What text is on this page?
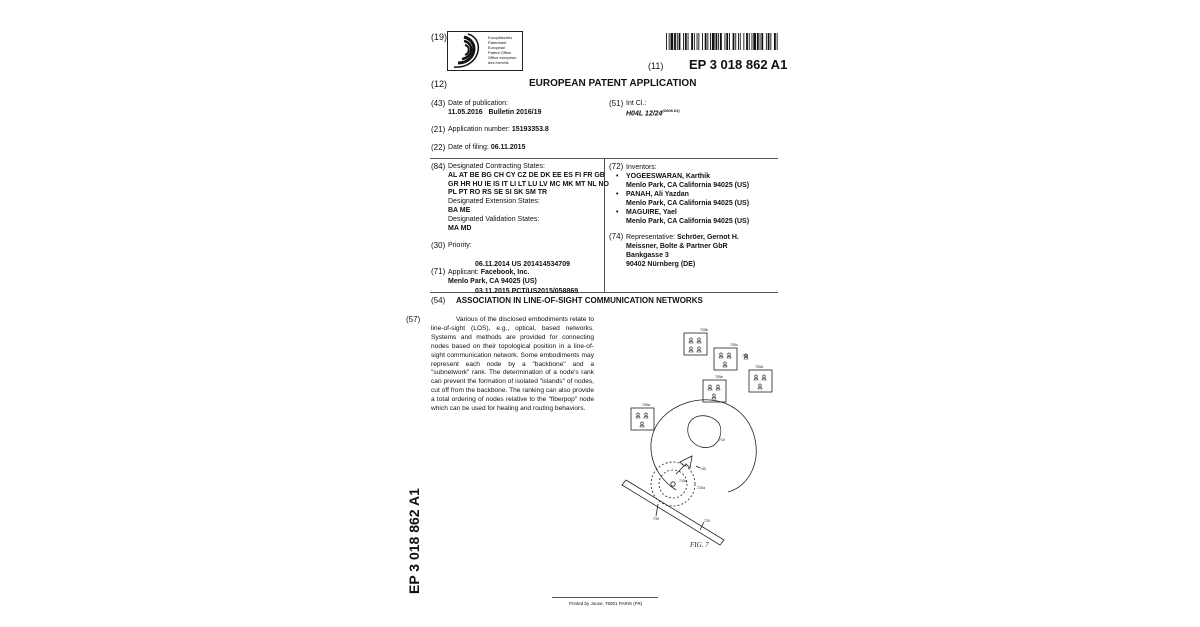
(19)	Europäisches
Patentamt
European
Patent Office
Office européen
des brevets	(11) EP 3 018 862 A1
(12)	EUROPEAN PATENT APPLICATION
(43) Date of publication:
11.05.2016   Bulletin 2016/19
(21) Application number: 15193353.8
(22) Date of filing: 06.11.2015
(84) Designated Contracting States:
AL AT BE BG CH CY CZ DE DK EE ES FI FR GB
GR HR HU IE IS IT LI LT LU LV MC MK MT NL NO
PL PT RO RS SE SI SK SM TR
Designated Extension States:
BA ME
Designated Validation States:
MA MD
(30) Priority:

06.11.2014 US 201414534709

03.11.2015 PCT/US2015/058869

(71) Applicant: Facebook, Inc.
Menlo Park, CA 94025 (US)
(51) Int Cl.:
H04L $12/24^{(2006.01)}$
(72) Inventors:
• YOGEESWARAN, Karthik
Menlo Park, CA California 94025 (US)
• PANAH, Ali Yazdan
Menlo Park, CA California 94025 (US)
• MAGUIRE, Yael
Menlo Park, CA California 94025 (US)
(74) Representative: Schröer, Gernot H.
Meissner, Bolte & Partner GbR
Bankgasse 3
90402 Nürnberg (DE)
(54) ASSOCIATION IN LINE-OF-SIGHT COMMUNICATION NETWORKS
(57)	Various of the disclosed embodiments relate to line-of-sight (LOS), e.g., optical, based networks. Systems and methods are provided for connecting nodes based on their topological position in a line-of-sight communication network. Some embodiments may represent each node by a "backbone" and a "subnetwork" rank. The determination of a node's rank can prevent the formation of isolated "islands" of nodes, cut off from the backbone. The ranking can also provide a total ordering of nodes relative to the "fiberpop" node which can be used for healing and routing behaviors.
705b
705c
705d
705e
705a
710
740
715a
720a
730	720
755
FIG. 7
EP 3 018 862 A1
Printed by Jouve, 75001 PARIS (FR)
